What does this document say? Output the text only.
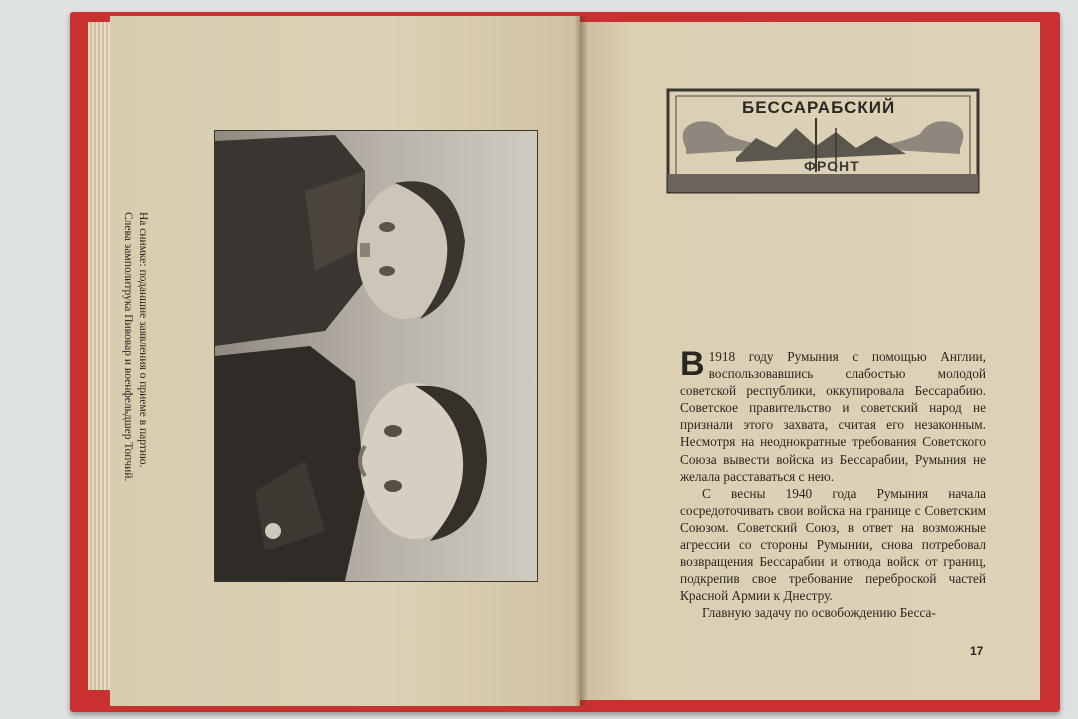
На снимке: поданшие заявления о приеме в партию.
Слева замполитрука Пивовар и военфельдшер Топчий.
БЕССАРАБСКИЙ
ФРОНТ

В 1918 году Румыния с помощью Англии, воспользовавшись слабостью молодой советской республики, оккупировала Бессарабию. Советское правительство и советский народ не признали этого захвата, считая его незаконным. Несмотря на неоднократные требования Советского Союза вывести войска из Бессарабии, Румыния не желала расставаться с нею.

С весны 1940 года Румыния начала сосредоточивать свои войска на границе с Советским Союзом. Советский Союз, в ответ на возможные агрессии со стороны Румынии, снова потребовал возвращения Бессарабии и отвода войск от границ, подкрепив свое требование переброской частей Красной Армии к Днестру.

Главную задачу по освобождению Бесса-

17
